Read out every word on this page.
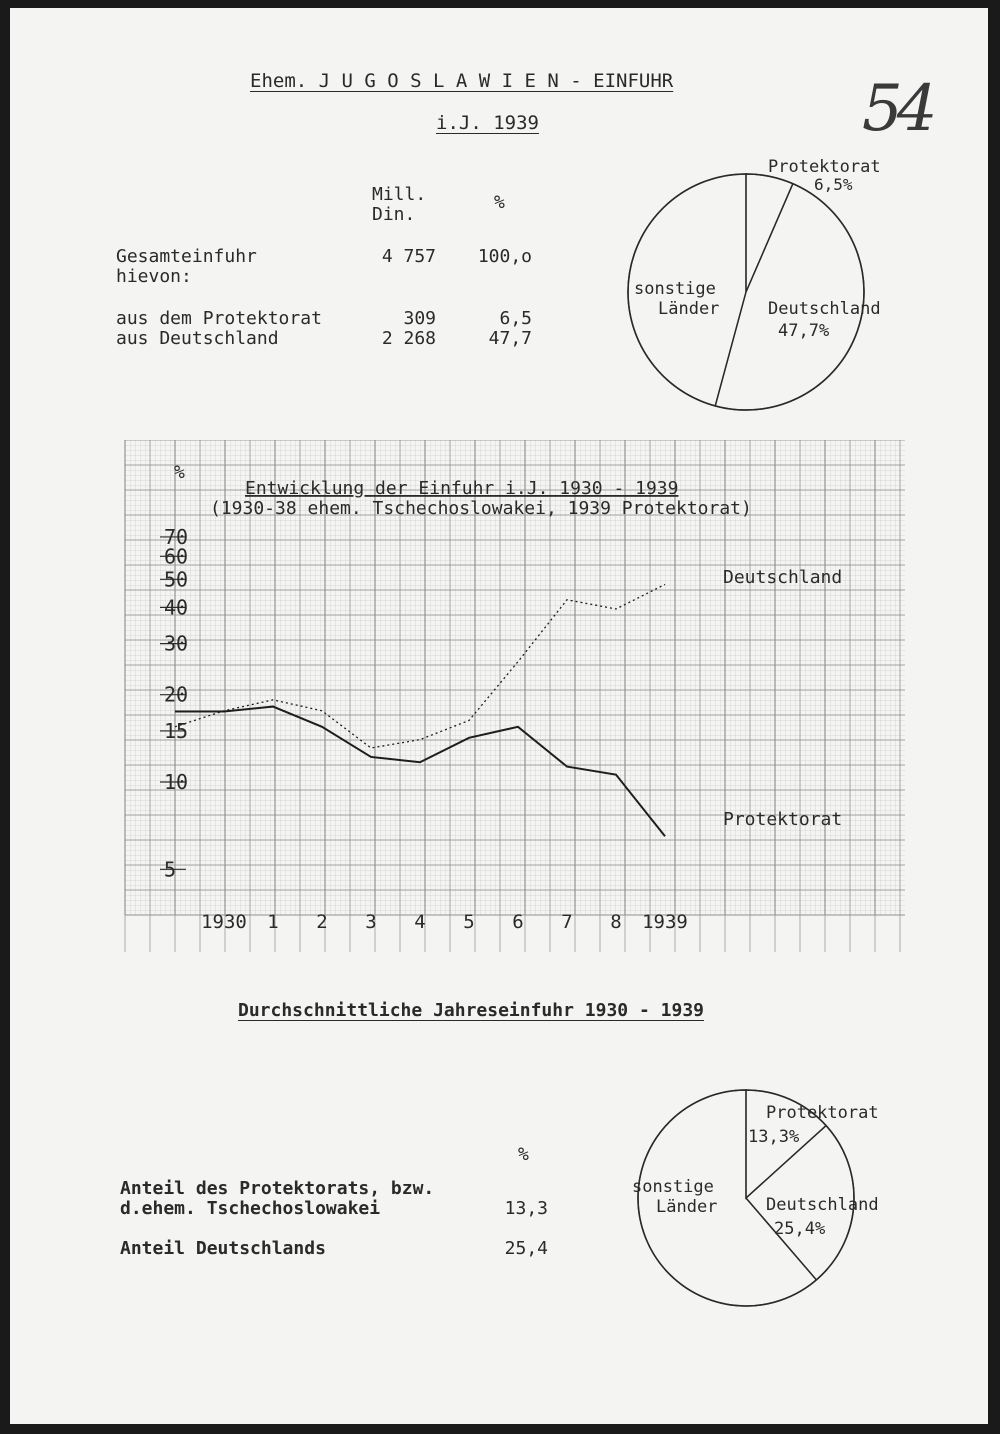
54
Ehem. J U G O S L A W I E N - EINFUHR
i.J. 1939
Mill.
Din.
%
Gesamteinfuhr	4 757	100,o
hievon:
aus dem Protektorat	309	6,5
aus Deutschland	2 268	47,7
Protektorat
6,5%
Deutschland
47,7%
sonstige
Länder
5
10
15
20
30
40
50
60
70
1930 1 2 3 4 5 6 7 8 1939
%
Entwicklung der Einfuhr i.J. 1930 - 1939
(1930-38 ehem. Tschechoslowakei, 1939 Protektorat)
Deutschland
Protektorat
Durchschnittliche Jahreseinfuhr 1930 - 1939
%
Anteil des Protektorats, bzw.
d.ehem. Tschechoslowakei	13,3
Anteil Deutschlands	25,4
Protektorat
13,3%
Deutschland
25,4%
sonstige
Länder
